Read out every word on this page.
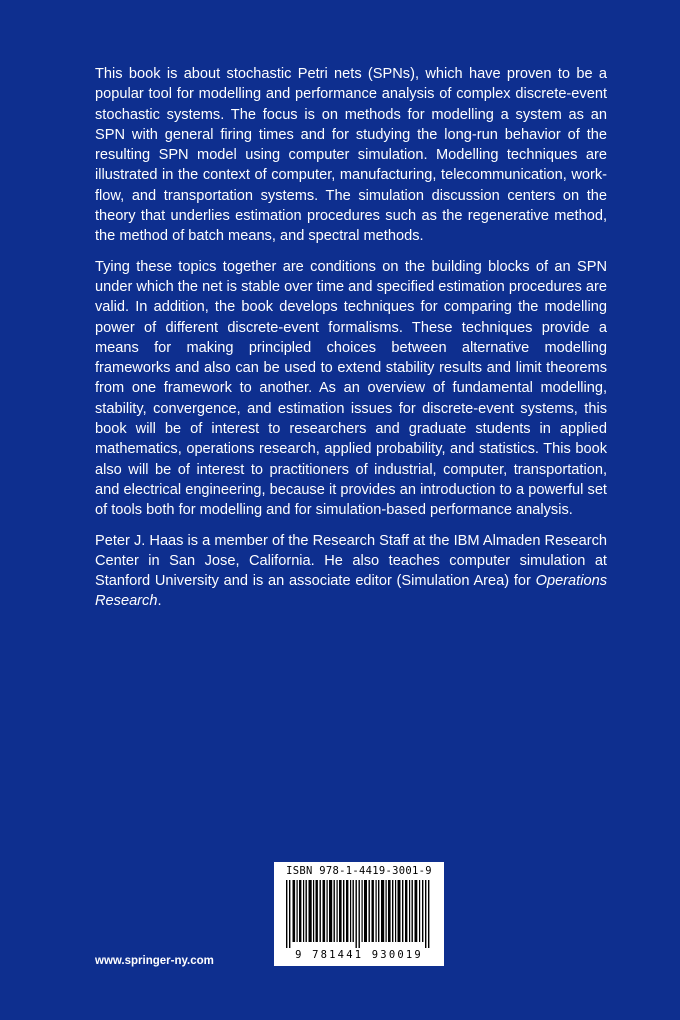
This book is about stochastic Petri nets (SPNs), which have proven to be a popular tool for modelling and performance analysis of complex discrete-event stochastic systems. The focus is on methods for modelling a system as an SPN with general firing times and for studying the long-run behavior of the resulting SPN model using computer simulation. Modelling techniques are illustrated in the context of computer, manufacturing, telecommunication, work-flow, and transportation systems. The simulation discussion centers on the theory that underlies estimation procedures such as the regenerative method, the method of batch means, and spectral methods.

Tying these topics together are conditions on the building blocks of an SPN under which the net is stable over time and specified estimation procedures are valid. In addition, the book develops techniques for comparing the modelling power of different discrete-event formalisms. These techniques provide a means for making principled choices between alternative modelling frameworks and also can be used to extend stability results and limit theorems from one framework to another. As an overview of fundamental modelling, stability, convergence, and estimation issues for discrete-event systems, this book will be of interest to researchers and graduate students in applied mathematics, operations research, applied probability, and statistics. This book also will be of interest to practitioners of industrial, computer, transportation, and electrical engineering, because it provides an introduction to a powerful set of tools both for modelling and for simulation-based performance analysis.

Peter J. Haas is a member of the Research Staff at the IBM Almaden Research Center in San Jose, California. He also teaches computer simulation at Stanford University and is an associate editor (Simulation Area) for Operations Research.

www.springer-ny.com
ISBN 978-1-4419-3001-9
9 781441 930019
